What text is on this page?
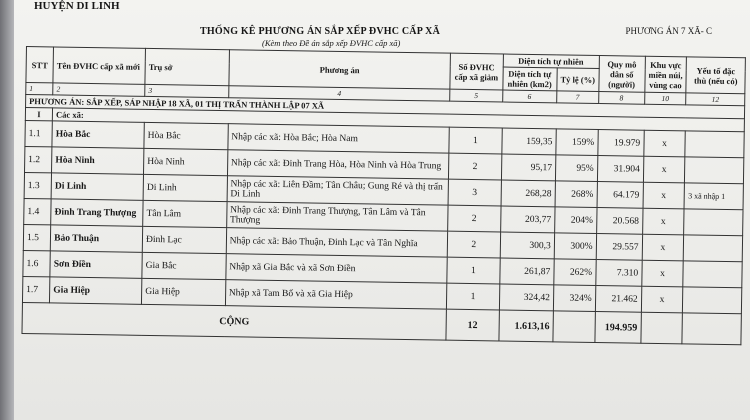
HUYỆN DI LINH
PHƯƠNG ÁN 7 XÃ- C
THỐNG KÊ PHƯƠNG ÁN SẮP XẾP ĐVHC CẤP XÃ
(Kèm theo Đề án sắp xếp ĐVHC cấp xã)
STT	Tên ĐVHC cấp xã mới	Trụ sở	Phương án	Số ĐVHC cấp xã giảm	Diện tích tự nhiên		Quy mô dân số (người)	Khu vực miền núi, vùng cao	Yếu tố đặc thù (nếu có)
					Diện tích tự nhiên (km2)	Tỷ lệ (%)			
1	2	3	4	5	6	7	8	10	12
PHƯƠNG ÁN: SẮP XẾP, SÁP NHẬP 18 XÃ, 01 THỊ TRẤN THÀNH LẬP 07 XÃ									
I	Các xã:								
1.1	Hòa Bắc	Hòa Bắc	Nhập các xã: Hòa Bắc; Hòa Nam	1	159,35	159%	19.979	x	
1.2	Hòa Ninh	Hòa Ninh	Nhập các xã: Đinh Trang Hòa, Hòa Ninh và Hòa Trung	2	95,17	95%	31.904	x	
1.3	Di Linh	Di Linh	Nhập các xã: Liên Đầm; Tân Châu; Gung Ré và thị trấn Di Linh	3	268,28	268%	64.179	x	3 xã nhập 1
1.4	Đinh Trang Thượng	Tân Lâm	Nhập các xã: Đinh Trang Thượng, Tân Lâm và Tân Thượng	2	203,77	204%	20.568	x	
1.5	Bảo Thuận	Đinh Lạc	Nhập các xã: Bảo Thuận, Đinh Lạc và Tân Nghĩa	2	300,3	300%	29.557	x	
1.6	Sơn Điền	Gia Bắc	Nhập xã Gia Bắc và xã Sơn Điền	1	261,87	262%	7.310	x	
1.7	Gia Hiệp	Gia Hiệp	Nhập xã Tam Bố và xã Gia Hiệp	1	324,42	324%	21.462	x	
CỘNG				12	1.613,16		194.959		
